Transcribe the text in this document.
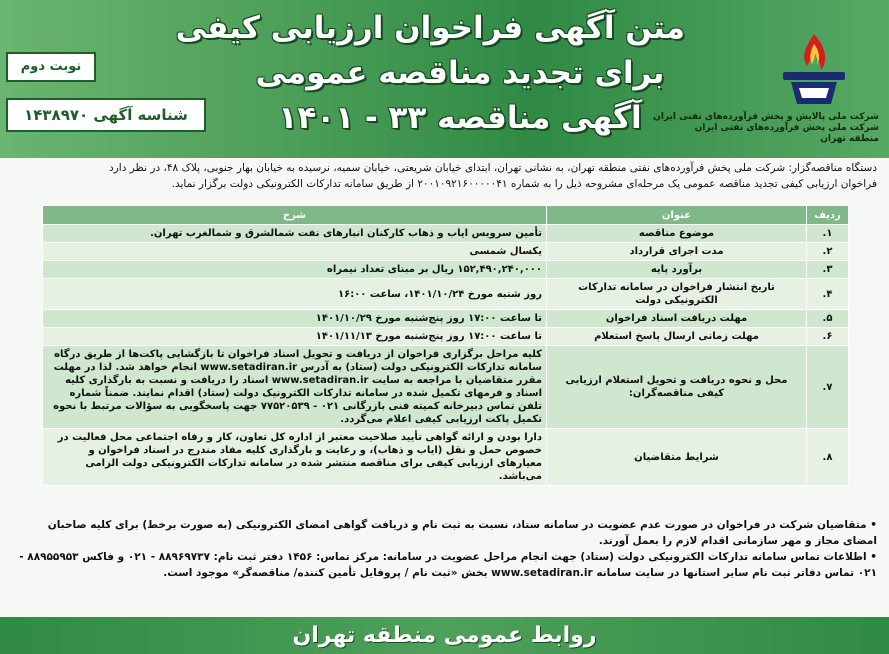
شرکت ملی پالایش و پخش فرآورده‌های نفتی ایران
شرکت ملی پخش فرآورده‌های نفتی ایران
منطقه تهران
متن آگهی فراخوان ارزیابی کیفی
برای تجدید مناقصه عمومی
آگهی مناقصه ۳۳ - ۱۴۰۱
نوبت دوم
شناسه آگهی ۱۴۳۸۹۷۰
دستگاه مناقصه‌گزار: شرکت ملی پخش فرآورده‌های نفتی منطقه تهران، به نشانی تهران، ابتدای خیابان شریعتی، خیابان سمیه، نرسیده به خیابان بهار جنوبی، پلاک ۴۸، در نظر دارد
فراخوان ارزیابی کیفی تجدید مناقصه عمومی یک مرحله‌ای مشروحه ذیل را به شماره ۲۰۰۱۰۹۲۱۶۰۰۰۰۰۴۱ از طریق سامانه تدارکات الکترونیکی دولت برگزار نماید.
ردیف	عنوان	شرح
۱.	موضوع مناقصه	تأمین سرویس ایاب و ذهاب کارکنان انبارهای نفت شمالشرق و شمالغرب تهران.
۲.	مدت اجرای قرارداد	یکسال شمسی
۳.	برآورد پایه	۱۵۲,۴۹۰,۲۴۰,۰۰۰ ریال بر مبنای تعداد نیمراه
۴.	تاریخ انتشار فراخوان در سامانه تدارکات الکترونیکی دولت	روز شنبه مورخ ۱۴۰۱/۱۰/۲۴، ساعت ۱۶:۰۰
۵.	مهلت دریافت اسناد فراخوان	تا ساعت ۱۷:۰۰ روز پنج‌شنبه مورخ ۱۴۰۱/۱۰/۲۹
۶.	مهلت زمانی ارسال پاسخ استعلام	تا ساعت ۱۷:۰۰ روز پنج‌شنبه مورخ ۱۴۰۱/۱۱/۱۳
۷.	محل و نحوه دریافت و تحویل استعلام ارزیابی کیفی مناقصه‌گران:	کلیه مراحل برگزاری فراخوان از دریافت و تحویل اسناد فراخوان تا بازگشایی پاکت‌ها از طریق درگاه سامانه تدارکات الکترونیکی دولت (ستاد) به آدرس www.setadiran.ir انجام خواهد شد. لذا در مهلت مقرر متقاضیان با مراجعه به سایت www.setadiran.ir اسناد را دریافت و نسبت به بارگذاری کلیه اسناد و فرمهای تکمیل شده در سامانه تدارکات الکترونیک دولت (ستاد) اقدام نمایند. ضمناً شماره تلفن تماس دبیرخانه کمیته فنی بازرگانی ۰۲۱ - ۷۷۵۲۰۵۳۹ جهت پاسخگویی به سؤالات مرتبط با نحوه تکمیل پاکت ارزیابی کیفی اعلام می‌گردد.
۸.	شرایط متقاضیان	دارا بودن و ارائه گواهی تأیید صلاحیت معتبر از اداره کل تعاون، کار و رفاه اجتماعی محل فعالیت در خصوص حمل و نقل (ایاب و ذهاب)، و رعایت و بارگذاری کلیه مفاد مندرج در اسناد فراخوان و معیارهای ارزیابی کیفی برای مناقصه منتشر شده در سامانه تدارکات الکترونیکی دولت الزامی می‌باشد.

• متقاضیان شرکت در فراخوان در صورت عدم عضویت در سامانه ستاد، نسبت به ثبت نام و دریافت گواهی امضای الکترونیکی (به صورت برخط) برای کلیه صاحبان امضای مجاز و مهر سازمانی اقدام لازم را بعمل آورند.

• اطلاعات تماس سامانه تدارکات الکترونیکی دولت (ستاد) جهت انجام مراحل عضویت در سامانه: مرکز تماس: ۱۴۵۶ دفتر ثبت نام: ۸۸۹۶۹۷۳۷ - ۰۲۱ و فاکس ۸۸۹۵۵۹۵۳ - ۰۲۱ تماس دفاتر ثبت نام سایر استانها در سایت سامانه www.setadiran.ir بخش «ثبت نام / پروفایل تأمین کننده/ مناقصه‌گر» موجود است.

روابط عمومی منطقه تهران
